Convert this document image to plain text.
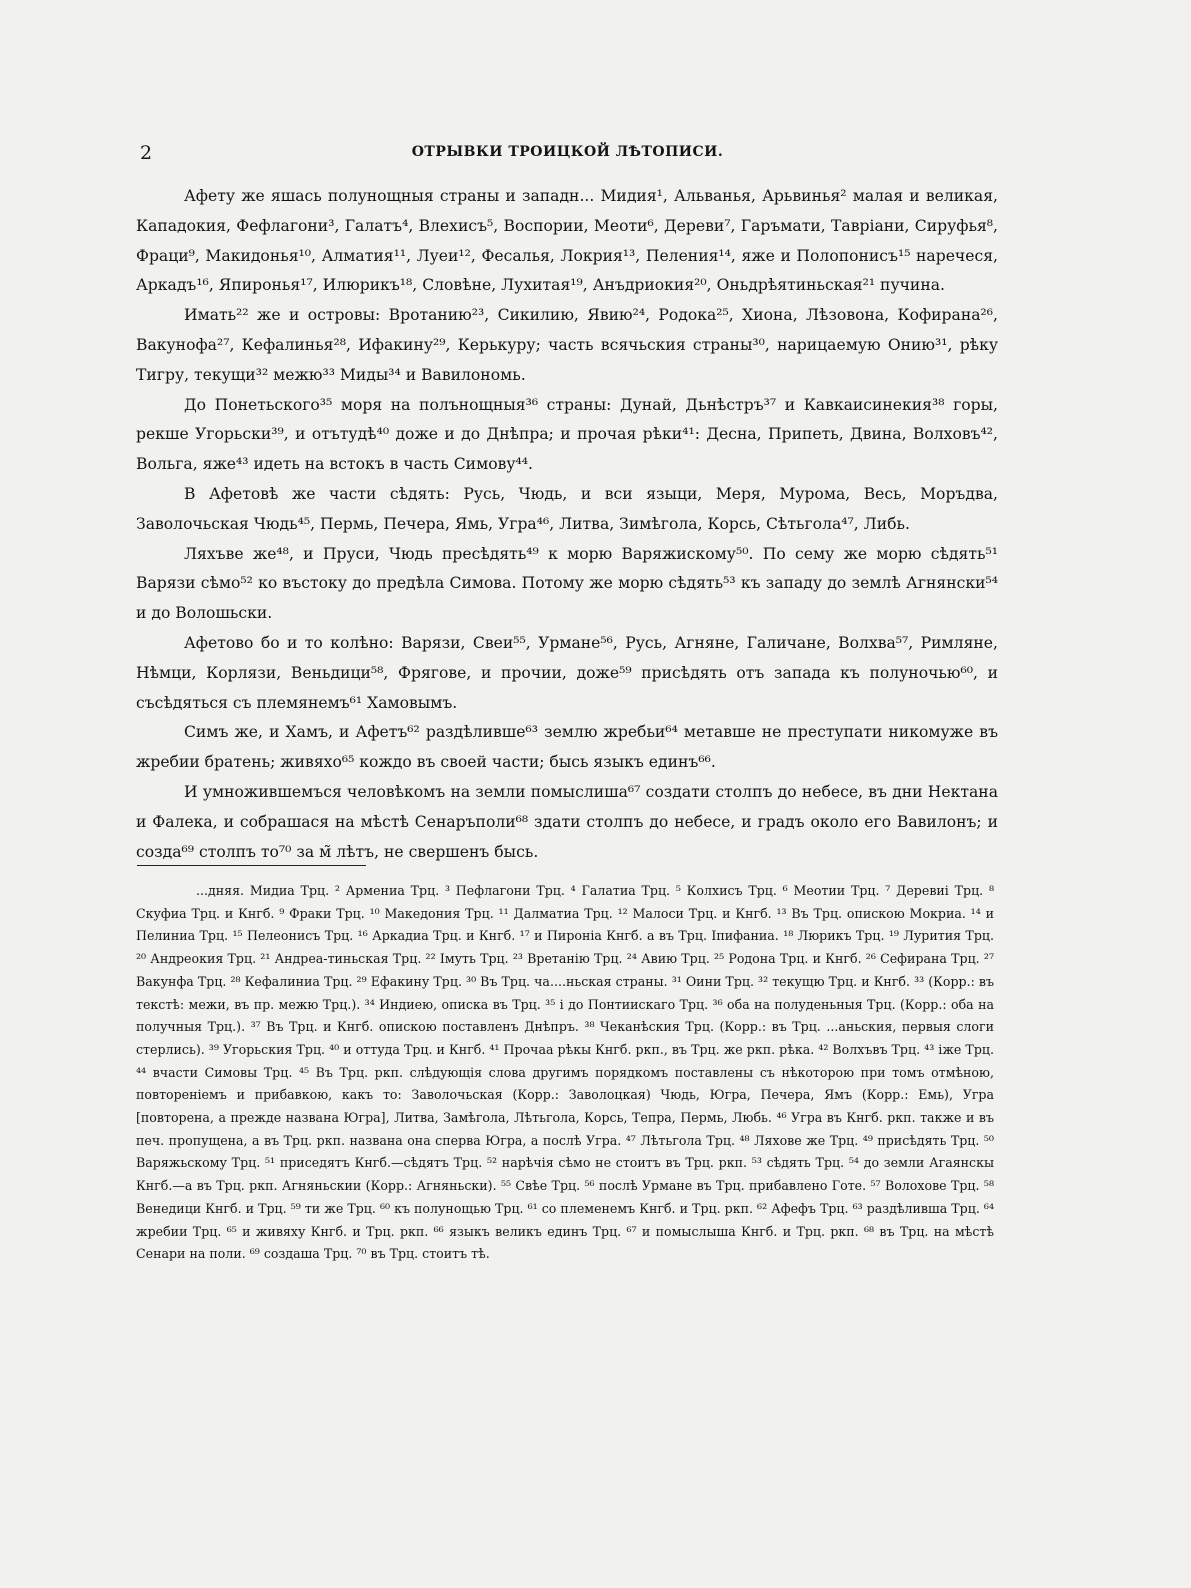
2	ОТРЫВКИ ТРОИЦКОЙ ЛѢТОПИСИ.

Афету же яшась полунощныя страны и западн... Мидия¹, Альванья, Арьвинья² малая и великая, Кападокия, Фефлагони³, Галатъ⁴, Влехисъ⁵, Воспории, Меоти⁶, Дереви⁷, Гаръмати, Тавріани, Сируфья⁸, Фраци⁹, Макидонья¹⁰, Алматия¹¹, Луеи¹², Фесалья, Локрия¹³, Пеления¹⁴, яже и Полопонисъ¹⁵ наречеся, Аркадъ¹⁶, Япиронья¹⁷, Илюрикъ¹⁸, Словѣне, Лухитая¹⁹, Анъдриокия²⁰, Оньдрѣятиньская²¹ пучина.

Имать²² же и островы: Вротанию²³, Сикилию, Явию²⁴, Родока²⁵, Хиона, Лѣзовона, Кофирана²⁶, Вакунофа²⁷, Кефалинья²⁸, Ифакину²⁹, Керькуру; часть всячьския страны³⁰, нарицаемую Онию³¹, рѣку Тигру, текущи³² межю³³ Миды³⁴ и Вавилономь.

До Понетьского³⁵ моря на полънощныя³⁶ страны: Дунай, Дьнѣстръ³⁷ и Кавкаисинекия³⁸ горы, рекше Угорьски³⁹, и отътудѣ⁴⁰ доже и до Днѣпра; и прочая рѣки⁴¹: Десна, Припеть, Двина, Волховъ⁴², Вольга, яже⁴³ идеть на встокъ в часть Симову⁴⁴.

В Афетовѣ же части сѣдять: Русь, Чюдь, и вси языци, Меря, Мурома, Весь, Моръдва, Заволочьская Чюдь⁴⁵, Пермь, Печера, Ямь, Угра⁴⁶, Литва, Зимѣгола, Корсь, Сѣтьгола⁴⁷, Либь.

Ляхъве же⁴⁸, и Пруси, Чюдь пресѣдять⁴⁹ к морю Варяжискому⁵⁰. По сему же морю сѣдять⁵¹ Варязи сѣмо⁵² ко въстоку до предѣла Симова. Потому же морю сѣдять⁵³ къ западу до землѣ Агнянски⁵⁴ и до Волошьски.

Афетово бо и то колѣно: Варязи, Свеи⁵⁵, Урмане⁵⁶, Русь, Агняне, Галичане, Волхва⁵⁷, Римляне, Нѣмци, Корлязи, Веньдици⁵⁸, Фрягове, и прочии, доже⁵⁹ присѣдять отъ запада къ полуночью⁶⁰, и съсѣдяться съ племянемъ⁶¹ Хамовымъ.

Симъ же, и Хамъ, и Афетъ⁶² раздѣлившe⁶³ землю жребьи⁶⁴ метавше не преступати никомуже въ жребии братень; живяхо⁶⁵ кождо въ своей части; бысь языкъ единъ⁶⁶.

И умножившемъся человѣкомъ на земли помыслиша⁶⁷ создати столпъ до небесе, въ дни Нектана и Фалека, и собрашася на мѣстѣ Сенаръполи⁶⁸ здати столпъ до небесе, и градъ около его Вавилонъ; и созда⁶⁹ столпъ то⁷⁰ за м̃ лѣтъ, не свершенъ бысь.

...дняя. Мидиа Трц. ² Армениа Трц. ³ Пефлагони Трц. ⁴ Галатиа Трц. ⁵ Колхисъ Трц. ⁶ Меотии Трц. ⁷ Деревиі Трц. ⁸ Скуфиа Трц. и Кнгб. ⁹ Фраки Трц. ¹⁰ Македония Трц. ¹¹ Далматиа Трц. ¹² Малоси Трц. и Кнгб. ¹³ Въ Трц. опискою Мокриа. ¹⁴ и Пелиниа Трц. ¹⁵ Пелеонисъ Трц. ¹⁶ Аркадиа Трц. и Кнгб. ¹⁷ и Пироніа Кнгб. а въ Трц. Іпифаниа. ¹⁸ Люрикъ Трц. ¹⁹ Лурития Трц. ²⁰ Андреокия Трц. ²¹ Андреа-тиньская Трц. ²² Імуть Трц. ²³ Вретанію Трц. ²⁴ Авию Трц. ²⁵ Родона Трц. и Кнгб. ²⁶ Сефирана Трц. ²⁷ Вакунфа Трц. ²⁸ Кефалиниа Трц. ²⁹ Ефакину Трц. ³⁰ Въ Трц. ча....ньская страны. ³¹ Оини Трц. ³² текущю Трц. и Кнгб. ³³ (Корр.: въ текстѣ: межи, въ пр. межю Трц.). ³⁴ Индиею, описка въ Трц. ³⁵ і до Понтиискаго Трц. ³⁶ оба на полуденьныя Трц. (Корр.: оба на получныя Трц.). ³⁷ Въ Трц. и Кнгб. опискою поставленъ Днѣпръ. ³⁸ Чеканѣския Трц. (Корр.: въ Трц. ...аньския, первыя слоги стерлись). ³⁹ Угорьския Трц. ⁴⁰ и оттуда Трц. и Кнгб. ⁴¹ Прочаа рѣкы Кнгб. ркп., въ Трц. же ркп. рѣка. ⁴² Волхъвъ Трц. ⁴³ іже Трц. ⁴⁴ вчасти Симовы Трц. ⁴⁵ Въ Трц. ркп. слѣдующія слова другимъ порядкомъ поставлены съ нѣкоторою при томъ отмѣною, повтореніемъ и прибавкою, какъ то: Заволочьская (Корр.: Заволоцкая) Чюдь, Югра, Печера, Ямъ (Корр.: Емь), Угра [повторена, а прежде названа Югра], Литва, Замѣгола, Лѣтьгола, Корсь, Тепра, Пермь, Любь. ⁴⁶ Угра въ Кнгб. ркп. также и въ печ. пропущена, а въ Трц. ркп. названа она сперва Югра, а послѣ Угра. ⁴⁷ Лѣтьгола Трц. ⁴⁸ Ляхове же Трц. ⁴⁹ присѣдять Трц. ⁵⁰ Варяжьскому Трц. ⁵¹ приседятъ Кнгб.—сѣдятъ Трц. ⁵² нарѣчія сѣмо не стоитъ въ Трц. ркп. ⁵³ сѣдять Трц. ⁵⁴ до земли Агаянскы Кнгб.—а въ Трц. ркп. Агняньскии (Корр.: Агняньски). ⁵⁵ Свѣе Трц. ⁵⁶ послѣ Урмане въ Трц. прибавлено Готе. ⁵⁷ Волохове Трц. ⁵⁸ Венедици Кнгб. и Трц. ⁵⁹ ти же Трц. ⁶⁰ къ полунощью Трц. ⁶¹ со племенемъ Кнгб. и Трц. ркп. ⁶² Афефъ Трц. ⁶³ раздѣливша Трц. ⁶⁴ жребии Трц. ⁶⁵ и живяху Кнгб. и Трц. ркп. ⁶⁶ языкъ великъ единъ Трц. ⁶⁷ и помыслыша Кнгб. и Трц. ркп. ⁶⁸ въ Трц. на мѣстѣ Сенари на поли. ⁶⁹ создаша Трц. ⁷⁰ въ Трц. стоитъ тѣ.
